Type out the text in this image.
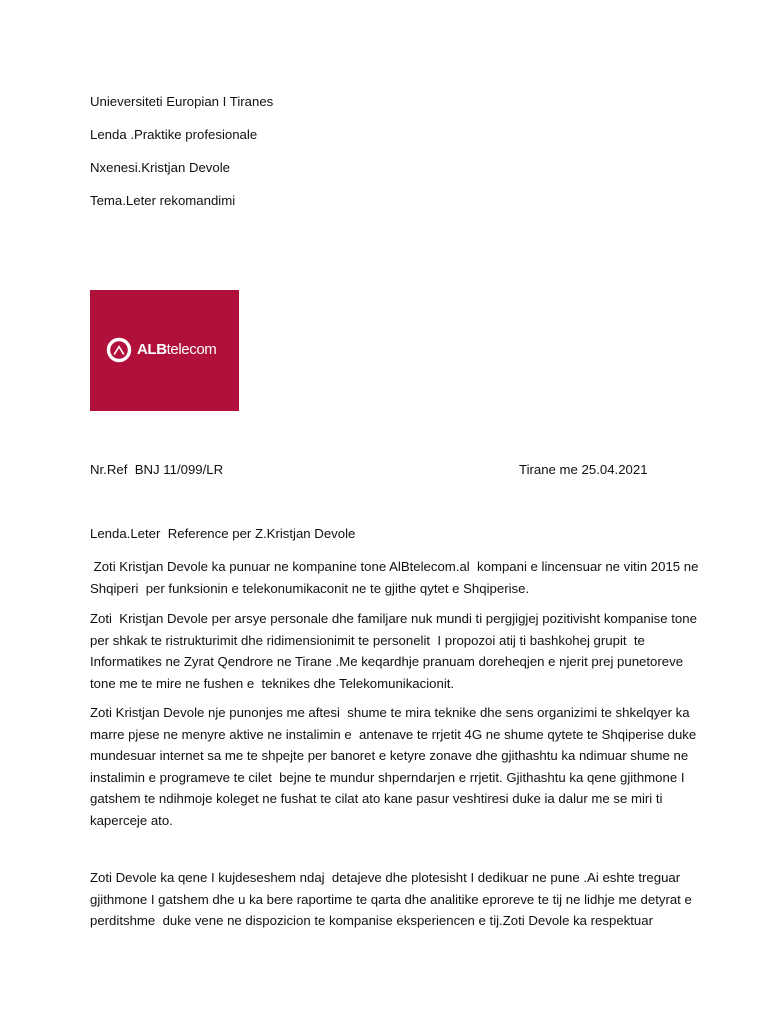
Unieversiteti Europian I Tiranes
Lenda .Praktike profesionale
Nxenesi.Kristjan Devole
Tema.Leter rekomandimi
ALBtelecom
Nr.Ref  BNJ 11/099/LR	Tirane me 25.04.2021
Lenda.Leter  Reference per Z.Kristjan Devole
Zoti Kristjan Devole ka punuar ne kompanine tone AlBtelecom.al  kompani e lincensuar ne vitin 2015 ne
Shqiperi  per funksionin e telekonumikaconit ne te gjithe qytet e Shqiperise.
Zoti  Kristjan Devole per arsye personale dhe familjare nuk mundi ti pergjigjej pozitivisht kompanise tone
per shkak te ristrukturimit dhe ridimensionimit te personelit  I propozoi atij ti bashkohej grupit  te
Informatikes ne Zyrat Qendrore ne Tirane .Me keqardhje pranuam doreheqjen e njerit prej punetoreve
tone me te mire ne fushen e  teknikes dhe Telekomunikacionit.
Zoti Kristjan Devole nje punonjes me aftesi  shume te mira teknike dhe sens organizimi te shkelqyer ka
marre pjese ne menyre aktive ne instalimin e  antenave te rrjetit 4G ne shume qytete te Shqiperise duke
mundesuar internet sa me te shpejte per banoret e ketyre zonave dhe gjithashtu ka ndimuar shume ne
instalimin e programeve te cilet  bejne te mundur shperndarjen e rrjetit. Gjithashtu ka qene gjithmone I
gatshem te ndihmoje koleget ne fushat te cilat ato kane pasur veshtiresi duke ia dalur me se miri ti
kaperceje ato.
Zoti Devole ka qene I kujdeseshem ndaj  detajeve dhe plotesisht I dedikuar ne pune .Ai eshte treguar
gjithmone I gatshem dhe u ka bere raportime te qarta dhe analitike eproreve te tij ne lidhje me detyrat e
perditshme  duke vene ne dispozicion te kompanise eksperiencen e tij.Zoti Devole ka respektuar
